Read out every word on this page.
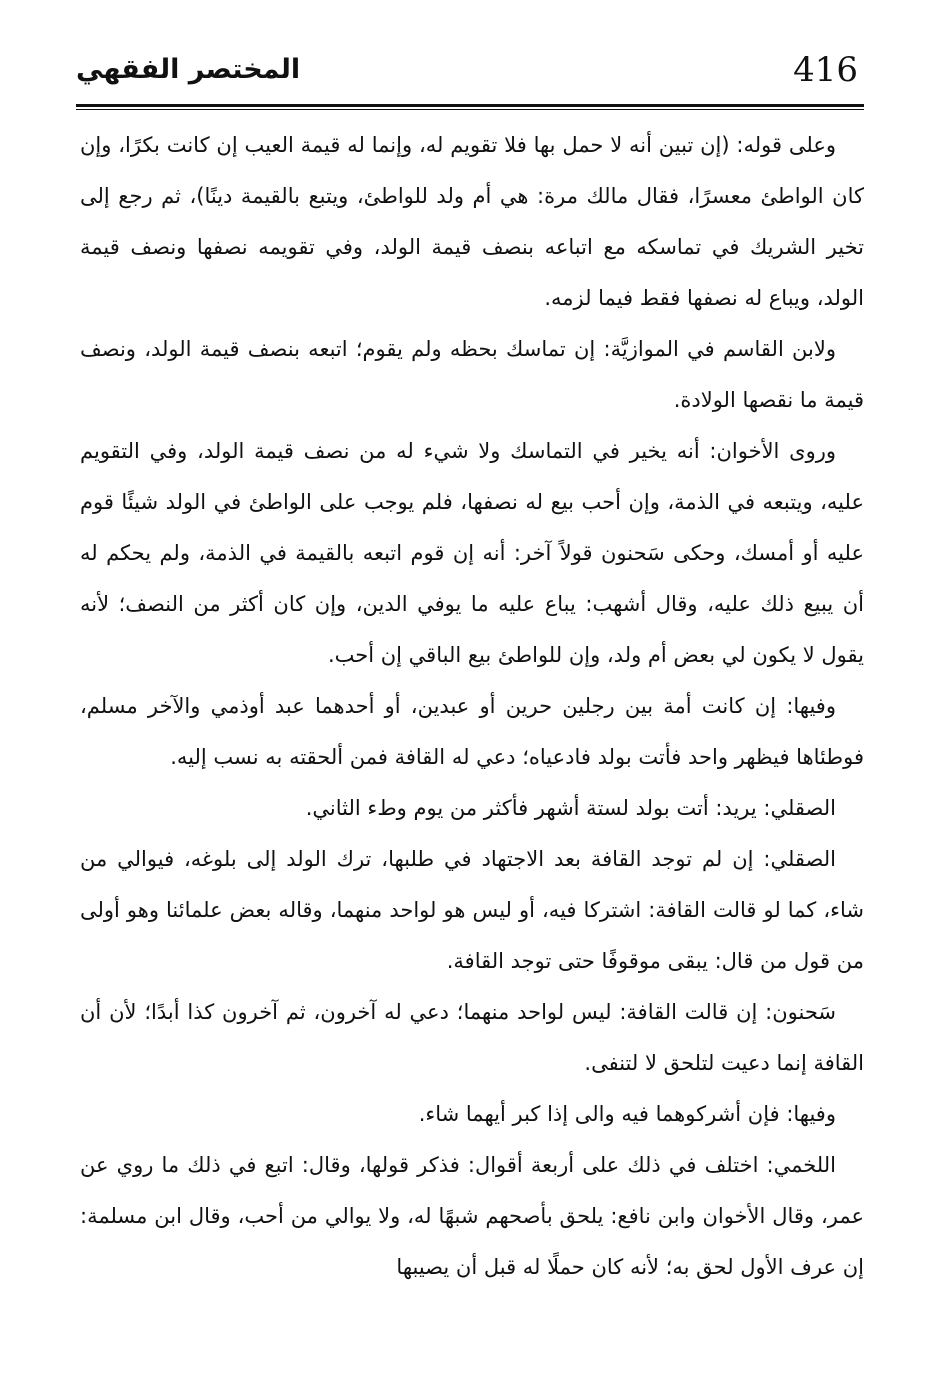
416
المختصر الفقهي

وعلى قوله: (إن تبين أنه لا حمل بها فلا تقويم له، وإنما له قيمة العيب إن كانت بكرًا، وإن كان الواطئ معسرًا، فقال مالك مرة: هي أم ولد للواطئ، ويتبع بالقيمة دينًا)، ثم رجع إلى تخير الشريك في تماسكه مع اتباعه بنصف قيمة الولد، وفي تقويمه نصفها ونصف قيمة الولد، ويباع له نصفها فقط فيما لزمه.

ولابن القاسم في الموازيَّة: إن تماسك بحظه ولم يقوم؛ اتبعه بنصف قيمة الولد، ونصف قيمة ما نقصها الولادة.

وروى الأخوان: أنه يخير في التماسك ولا شيء له من نصف قيمة الولد، وفي التقويم عليه، ويتبعه في الذمة، وإن أحب بيع له نصفها، فلم يوجب على الواطئ في الولد شيئًا قوم عليه أو أمسك، وحكى سَحنون قولاً آخر: أنه إن قوم اتبعه بالقيمة في الذمة، ولم يحكم له أن يبيع ذلك عليه، وقال أشهب: يباع عليه ما يوفي الدين، وإن كان أكثر من النصف؛ لأنه يقول لا يكون لي بعض أم ولد، وإن للواطئ بيع الباقي إن أحب.

وفيها: إن كانت أمة بين رجلين حرين أو عبدين، أو أحدهما عبد أوذمي والآخر مسلم، فوطئاها فيظهر واحد فأتت بولد فادعياه؛ دعي له القافة فمن ألحقته به نسب إليه.

الصقلي: يريد: أتت بولد لستة أشهر فأكثر من يوم وطء الثاني.

الصقلي: إن لم توجد القافة بعد الاجتهاد في طلبها، ترك الولد إلى بلوغه، فيوالي من شاء، كما لو قالت القافة: اشتركا فيه، أو ليس هو لواحد منهما، وقاله بعض علمائنا وهو أولى من قول من قال: يبقى موقوفًا حتى توجد القافة.

سَحنون: إن قالت القافة: ليس لواحد منهما؛ دعي له آخرون، ثم آخرون كذا أبدًا؛ لأن أن القافة إنما دعيت لتلحق لا لتنفى.

وفيها: فإن أشركوهما فيه والى إذا كبر أيهما شاء.

اللخمي: اختلف في ذلك على أربعة أقوال: فذكر قولها، وقال: اتبع في ذلك ما روي عن عمر، وقال الأخوان وابن نافع: يلحق بأصحهم شبهًا له، ولا يوالي من أحب، وقال ابن مسلمة: إن عرف الأول لحق به؛ لأنه كان حملًا له قبل أن يصيبها
